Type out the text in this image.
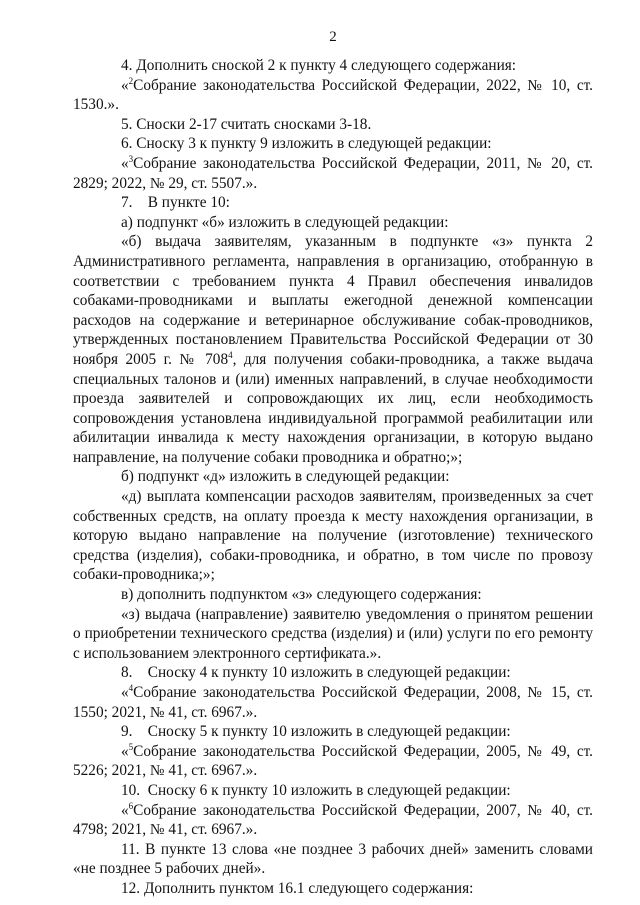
2

4. Дополнить сноской 2 к пункту 4 следующего содержания:

«$^2$Собрание законодательства Российской Федерации, 2022, № 10, ст. 1530.».

5. Сноски 2-17 считать сносками 3-18.

6. Сноску 3 к пункту 9 изложить в следующей редакции:

«$^3$Собрание законодательства Российской Федерации, 2011, № 20, ст. 2829; 2022, № 29, ст. 5507.».

7.    В пункте 10:

а) подпункт «б» изложить в следующей редакции:

«б) выдача заявителям, указанным в подпункте «з» пункта 2 Административного регламента, направления в организацию, отобранную в соответствии с требованием пункта 4 Правил обеспечения инвалидов собаками-проводниками и выплаты ежегодной денежной компенсации расходов на содержание и ветеринарное обслуживание собак-проводников, утвержденных постановлением Правительства Российской Федерации от 30 ноября 2005 г. № $708^4$, для получения собаки-проводника, а также выдача специальных талонов и (или) именных направлений, в случае необходимости проезда заявителей и сопровождающих их лиц, если необходимость сопровождения установлена индивидуальной программой реабилитации или абилитации инвалида к месту нахождения организации, в которую выдано направление, на получение собаки проводника и обратно;»;

б) подпункт «д» изложить в следующей редакции:

«д) выплата компенсации расходов заявителям, произведенных за счет собственных средств, на оплату проезда к месту нахождения организации, в которую выдано направление на получение (изготовление) технического средства (изделия), собаки-проводника, и обратно, в том числе по провозу собаки-проводника;»;

в) дополнить подпунктом «з» следующего содержания:

«з) выдача (направление) заявителю уведомления о принятом решении о приобретении технического средства (изделия) и (или) услуги по его ремонту с использованием электронного сертификата.».

8.    Сноску 4 к пункту 10 изложить в следующей редакции:

«$^4$Собрание законодательства Российской Федерации, 2008, № 15, ст. 1550; 2021, № 41, ст. 6967.».

9.    Сноску 5 к пункту 10 изложить в следующей редакции:

«$^5$Собрание законодательства Российской Федерации, 2005, № 49, ст. 5226; 2021, № 41, ст. 6967.».

10.  Сноску 6 к пункту 10 изложить в следующей редакции:

«$^6$Собрание законодательства Российской Федерации, 2007, № 40, ст. 4798; 2021, № 41, ст. 6967.».

11. В пункте 13 слова «не позднее 3 рабочих дней» заменить словами «не позднее 5 рабочих дней».

12. Дополнить пунктом 16.1 следующего содержания:
